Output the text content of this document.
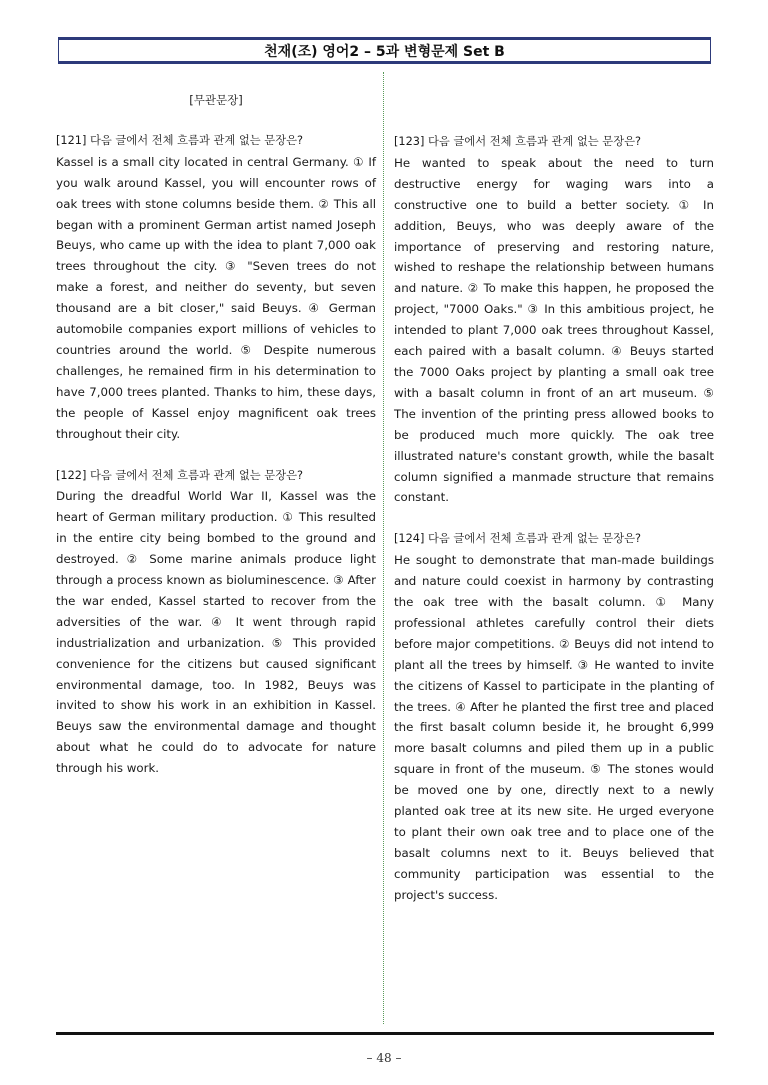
천재(조) 영어2 – 5과 변형문제 Set B
[무관문장]
[121] 다음 글에서 전체 흐름과 관계 없는 문장은?
Kassel is a small city located in central Germany. ① If you walk around Kassel, you will encounter rows of oak trees with stone columns beside them. ② This all began with a prominent German artist named Joseph Beuys, who came up with the idea to plant 7,000 oak trees throughout the city. ③ "Seven trees do not make a forest, and neither do seventy, but seven thousand are a bit closer," said Beuys. ④ German automobile companies export millions of vehicles to countries around the world. ⑤ Despite numerous challenges, he remained firm in his determination to have 7,000 trees planted. Thanks to him, these days, the people of Kassel enjoy magnificent oak trees throughout their city.
[122] 다음 글에서 전체 흐름과 관계 없는 문장은?
During the dreadful World War II, Kassel was the heart of German military production. ① This resulted in the entire city being bombed to the ground and destroyed. ② Some marine animals produce light through a process known as bioluminescence. ③ After the war ended, Kassel started to recover from the adversities of the war. ④ It went through rapid industrialization and urbanization. ⑤ This provided convenience for the citizens but caused significant environmental damage, too. In 1982, Beuys was invited to show his work in an exhibition in Kassel. Beuys saw the environmental damage and thought about what he could do to advocate for nature through his work.
[123] 다음 글에서 전체 흐름과 관계 없는 문장은?
He wanted to speak about the need to turn destructive energy for waging wars into a constructive one to build a better society. ① In addition, Beuys, who was deeply aware of the importance of preserving and restoring nature, wished to reshape the relationship between humans and nature. ② To make this happen, he proposed the project, "7000 Oaks." ③ In this ambitious project, he intended to plant 7,000 oak trees throughout Kassel, each paired with a basalt column. ④ Beuys started the 7000 Oaks project by planting a small oak tree with a basalt column in front of an art museum. ⑤ The invention of the printing press allowed books to be produced much more quickly. The oak tree illustrated nature's constant growth, while the basalt column signified a manmade structure that remains constant.
[124] 다음 글에서 전체 흐름과 관계 없는 문장은?
He sought to demonstrate that man-made buildings and nature could coexist in harmony by contrasting the oak tree with the basalt column. ① Many professional athletes carefully control their diets before major competitions. ② Beuys did not intend to plant all the trees by himself. ③ He wanted to invite the citizens of Kassel to participate in the planting of the trees. ④ After he planted the first tree and placed the first basalt column beside it, he brought 6,999 more basalt columns and piled them up in a public square in front of the museum. ⑤ The stones would be moved one by one, directly next to a newly planted oak tree at its new site. He urged everyone to plant their own oak tree and to place one of the basalt columns next to it. Beuys believed that community participation was essential to the project's success.
– 48 –
